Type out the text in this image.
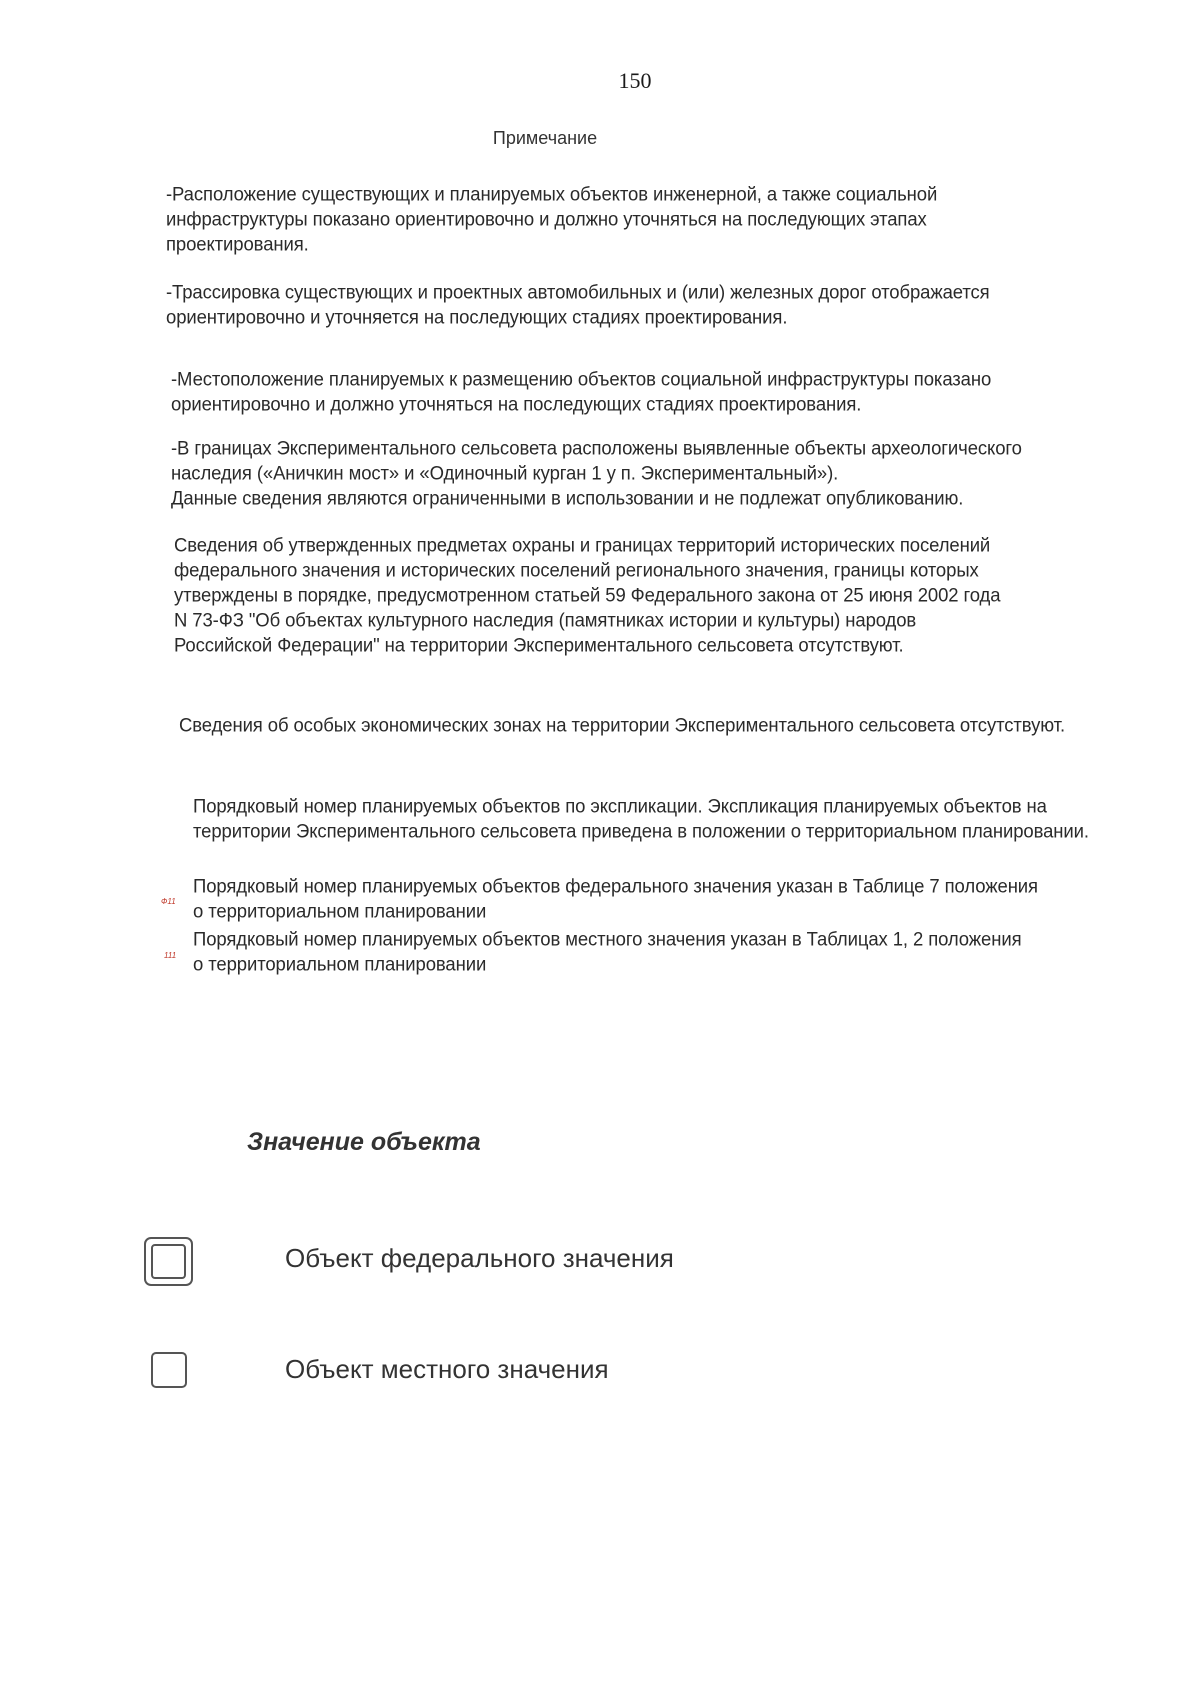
150
Примечание
-Расположение существующих и планируемых объектов инженерной, а также социальной
инфраструктуры показано ориентировочно и должно уточняться на последующих этапах
проектирования.
-Трассировка существующих и проектных автомобильных и (или) железных дорог отображается
ориентировочно и уточняется на последующих стадиях проектирования.
-Местоположение планируемых к размещению объектов социальной инфраструктуры показано
ориентировочно и должно уточняться на последующих стадиях проектирования.
-В границах Экспериментального сельсовета расположены выявленные объекты археологического
наследия («Аничкин мост» и «Одиночный курган 1 у п. Экспериментальный»).
Данные сведения являются ограниченными в использовании и не подлежат опубликованию.
Сведения об утвержденных предметах охраны и границах территорий исторических поселений
федерального значения и исторических поселений регионального значения, границы которых
утверждены в порядке, предусмотренном статьей 59 Федерального закона от 25 июня 2002 года
N 73-ФЗ "Об объектах культурного наследия (памятниках истории и культуры) народов
Российской Федерации" на территории Экспериментального сельсовета отсутствуют.
Сведения об особых экономических зонах на территории Экспериментального сельсовета отсутствуют.
Порядковый номер планируемых объектов по экспликации. Экспликация планируемых объектов на
территории Экспериментального сельсовета приведена в положении о территориальном планировании.
Ф11
Порядковый номер планируемых объектов федерального значения указан в Таблице 7 положения
о территориальном планировании
111
Порядковый номер планируемых объектов местного значения указан в Таблицах 1, 2 положения
о территориальном планировании
Значение объекта
Объект федерального значения
Объект местного значения
